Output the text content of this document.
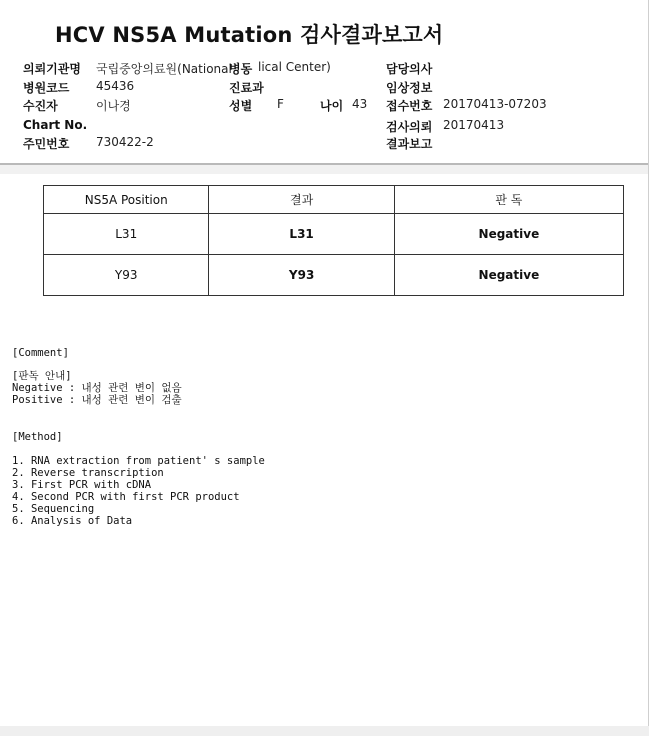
HCV NS5A Mutation 검사결과보고서
의뢰기관명 국립중앙의료원(National
병동 lical Center)	담당의사
병원코드 45436	진료과	임상정보
수진자	이나경	성별 F	나이 43 접수번호 20170413-07203
Chart No.	검사의뢰 20170413
주민번호 730422-2	결과보고
NS5A Position	결과	판 독
L31	L31	Negative
Y93	Y93	Negative
[Comment]
[판독 안내]
Negative : 내성 관련 변이 없음
Positive : 내성 관련 변이 검출
[Method]
1. RNA extraction from patient' s sample
2. Reverse transcription
3. First PCR with cDNA
4. Second PCR with first PCR product
5. Sequencing
6. Analysis of Data
